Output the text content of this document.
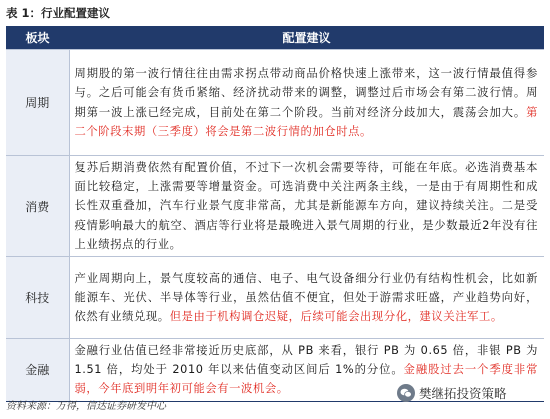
表 1：行业配置建议
板块	配置建议
周期	周期股的第一波行情往往由需求拐点带动商品价格快速上涨带来，这一波行情最值得参与。之后可能会有货币紧缩、经济扰动带来的调整，调整过后市场会有第二波行情。周期第一波上涨已经完成，目前处在第二个阶段。当前对经济分歧加大，震荡会加大。第二个阶段末期（三季度）将会是第二波行情的加仓时点。
消费	复苏后期消费依然有配置价值，不过下一次机会需要等待，可能在年底。必选消费基本面比较稳定，上涨需要等增量资金。可选消费中关注两条主线，一是由于有周期性和成长性双重叠加，汽车行业景气度非常高，尤其是新能源车方向，建议持续关注。二是受疫情影响最大的航空、酒店等行业将是最晚进入景气周期的行业，是少数最近2年没有往上业绩拐点的行业。
科技	产业周期向上，景气度较高的通信、电子、电气设备细分行业仍有结构性机会，比如新能源车、光伏、半导体等行业，虽然估值不便宜，但处于游需求旺盛，产业趋势向好，依然有业绩兑现。但是由于机构调仓迟疑，后续可能会出现分化，建议关注军工。
金融	金融行业估值已经非常接近历史底部，从 PB 来看，银行 PB 为 0.65 倍，非银 PB 为 1.51 倍，均处于 2010 年以来估值变动区间后 1%的分位。金融股过去一个季度非常弱，今年底到明年初可能会有一波机会。
资料来源：万得，信达证券研发中心
樊继拓投资策略
